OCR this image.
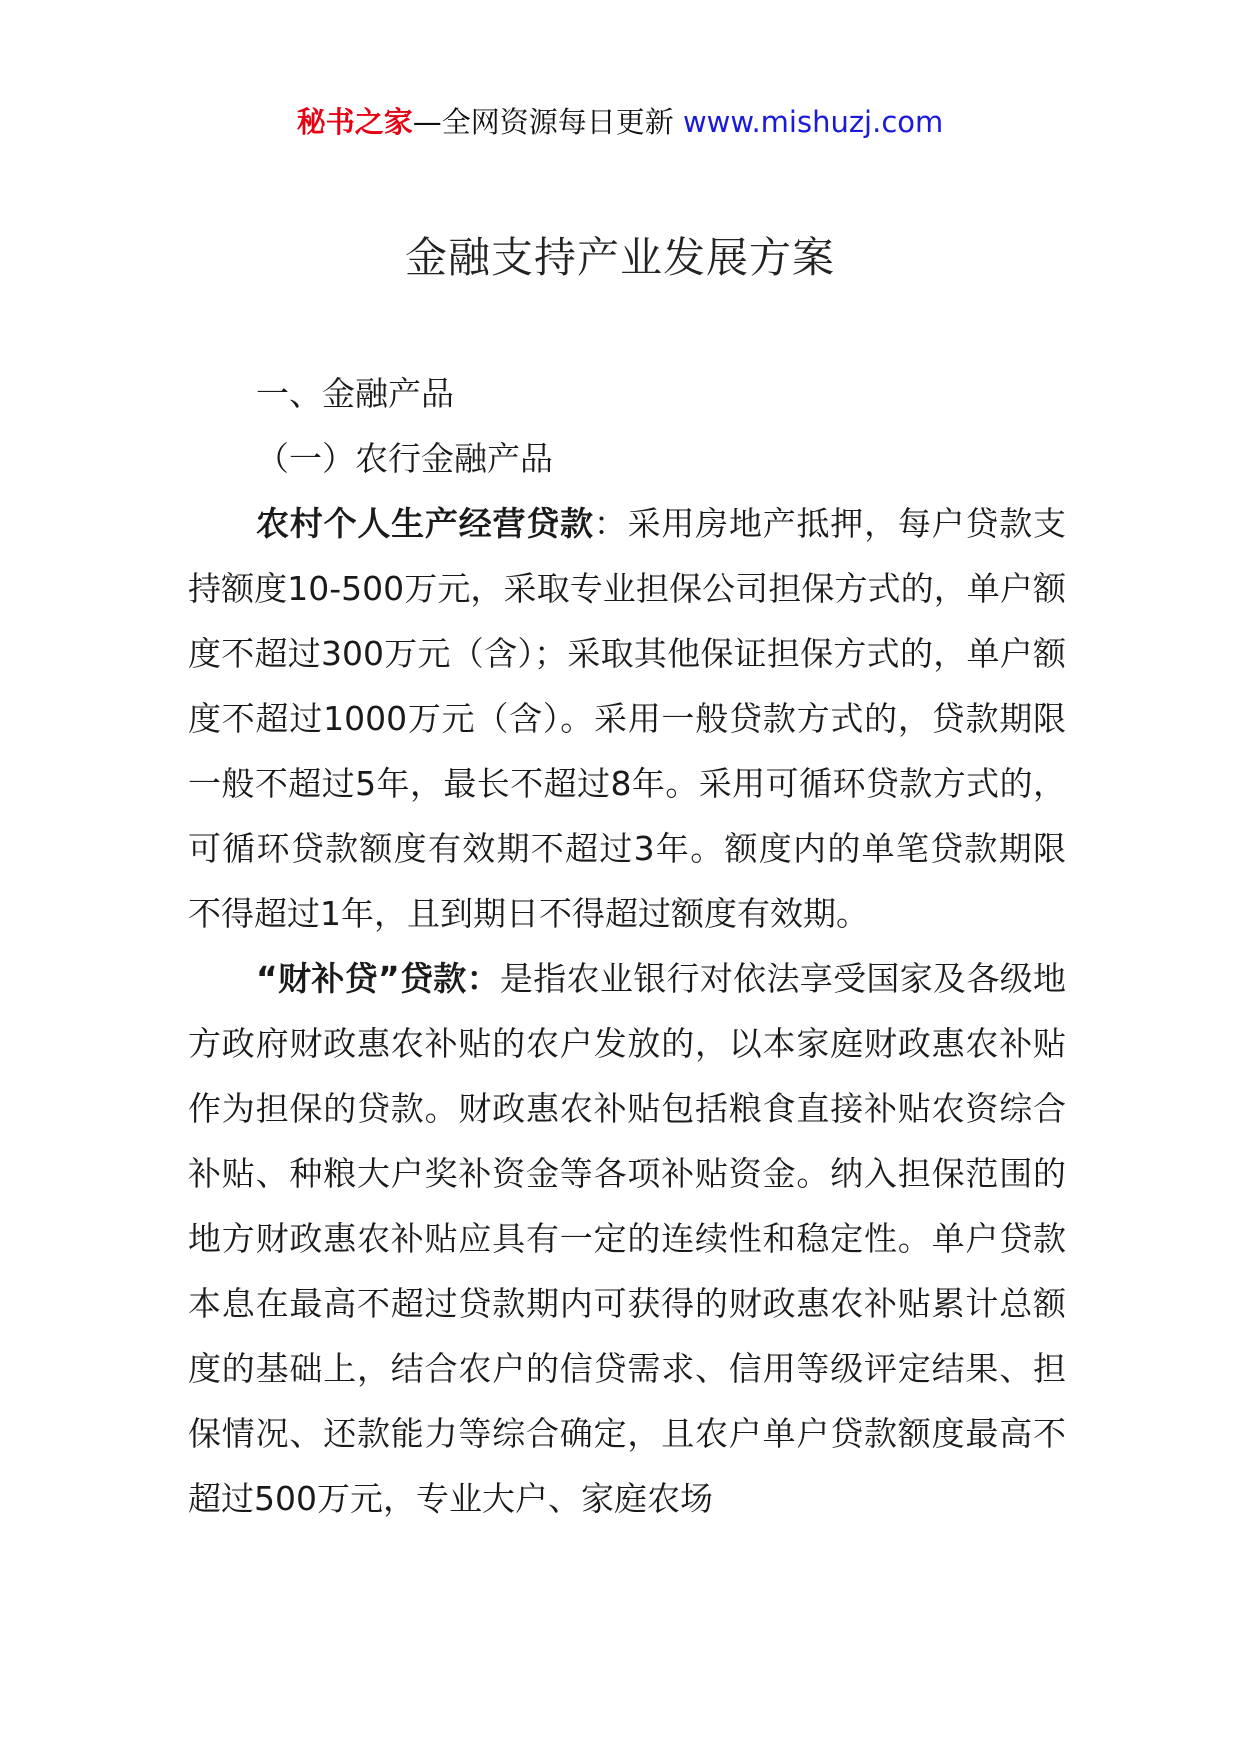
秘书之家—全网资源每日更新 www.mishuzj.com
金融支持产业发展方案

一、金融产品

（一）农行金融产品

农村个人生产经营贷款：采用房地产抵押，每户贷款支持额度10-500万元，采取专业担保公司担保方式的，单户额度不超过300万元（含）；采取其他保证担保方式的，单户额度不超过1000万元（含）。采用一般贷款方式的，贷款期限一般不超过5年，最长不超过8年。采用可循环贷款方式的，可循环贷款额度有效期不超过3年。额度内的单笔贷款期限不得超过1年，且到期日不得超过额度有效期。

“财补贷”贷款：是指农业银行对依法享受国家及各级地方政府财政惠农补贴的农户发放的，以本家庭财政惠农补贴作为担保的贷款。财政惠农补贴包括粮食直接补贴农资综合补贴、种粮大户奖补资金等各项补贴资金。纳入担保范围的地方财政惠农补贴应具有一定的连续性和稳定性。单户贷款本息在最高不超过贷款期内可获得的财政惠农补贴累计总额度的基础上，结合农户的信贷需求、信用等级评定结果、担保情况、还款能力等综合确定，且农户单户贷款额度最高不超过500万元，专业大户、家庭农场
